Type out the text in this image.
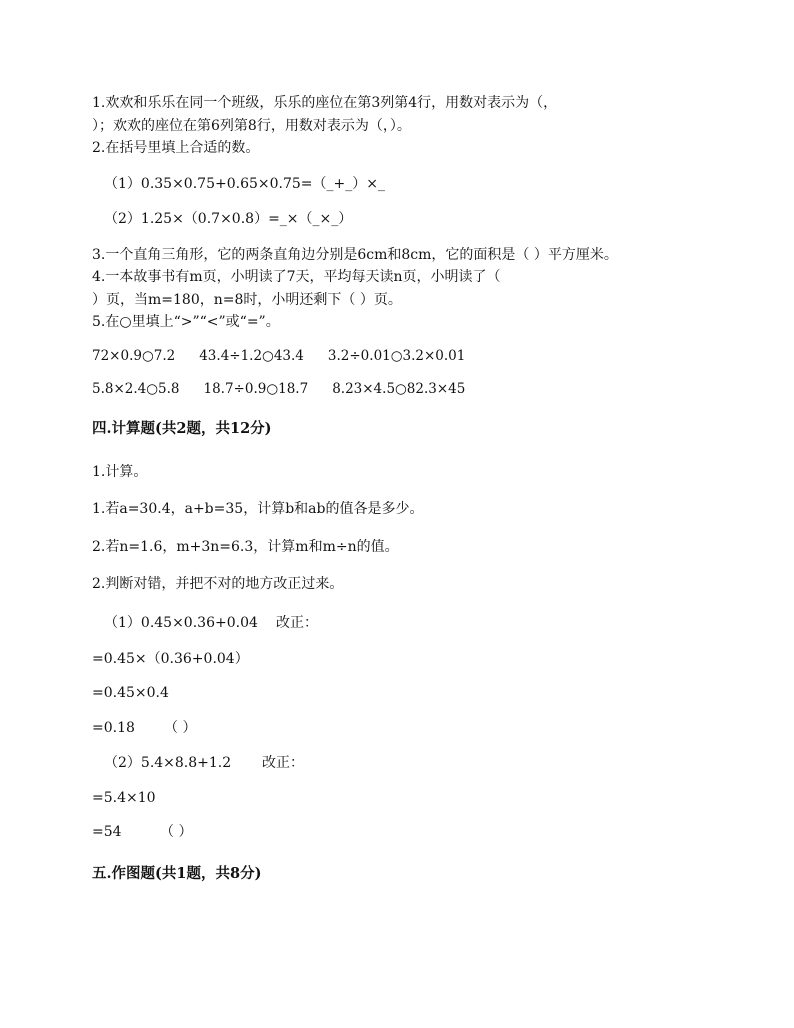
1.欢欢和乐乐在同一个班级，乐乐的座位在第3列第4行，用数对表示为（，
）；欢欢的座位在第6列第8行，用数对表示为（，）。
2.在括号里填上合适的数。
（1）0.35×0.75+0.65×0.75=（_+_）×_
（2）1.25×（0.7×0.8）=_×（_×_）
3.一个直角三角形，它的两条直角边分别是6cm和8cm，它的面积是（ ）平方厘米。
4.一本故事书有m页，小明读了7天，平均每天读n页，小明读了（
）页，当m=180，n=8时，小明还剩下（ ）页。
5.在○里填上“>”“<”或“=”。
72×0.9○7.2 43.4÷1.2○43.4 3.2÷0.01○3.2×0.01
5.8×2.4○5.8 18.7÷0.9○18.7 8.23×4.5○82.3×45
四.计算题(共2题，共12分)
1.计算。
1.若a=30.4，a+b=35，计算b和ab的值各是多少。
2.若n=1.6，m+3n=6.3，计算m和m÷n的值。
2.判断对错，并把不对的地方改正过来。
（1）0.45×0.36+0.04 改正：
=0.45×（0.36+0.04）
=0.45×0.4
=0.18 （ ）
（2）5.4×8.8+1.2 改正：
=5.4×10
=54	（ ）
五.作图题(共1题，共8分)
